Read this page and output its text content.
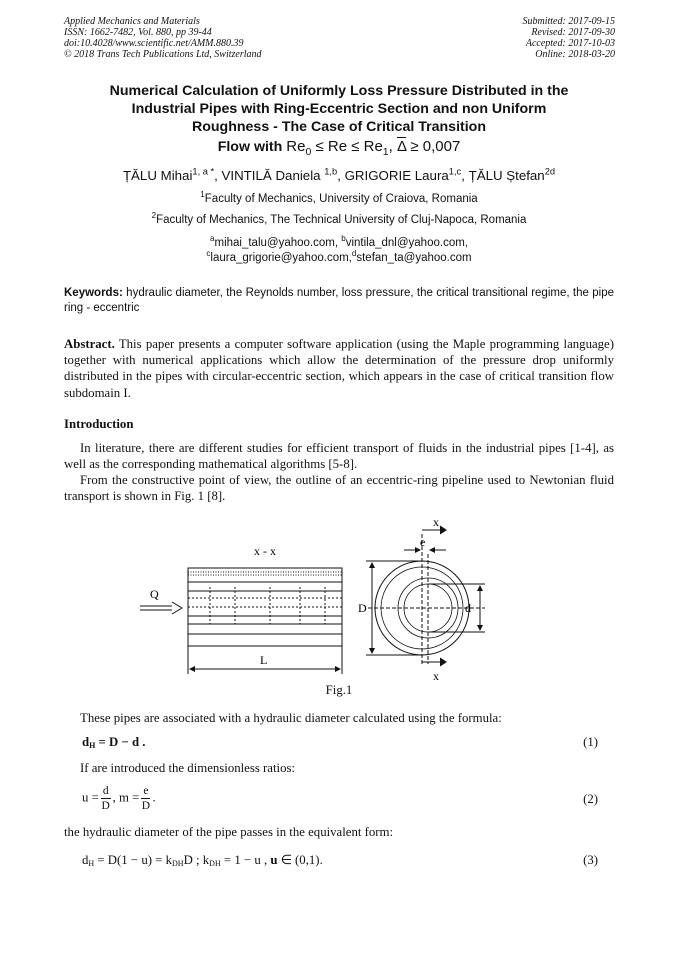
Applied Mechanics and Materials
ISSN: 1662-7482, Vol. 880, pp 39-44
doi:10.4028/www.scientific.net/AMM.880.39
© 2018 Trans Tech Publications Ltd, Switzerland
Submitted: 2017-09-15
Revised: 2017-09-30
Accepted: 2017-10-03
Online: 2018-03-20
Numerical Calculation of Uniformly Loss Pressure Distributed in the
Industrial Pipes with Ring-Eccentric Section and non Uniform
Roughness - The Case of Critical Transition
Flow with $Re_0 \le Re \le Re_1$, $\overline{\Delta} \ge 0,007$
ȚĂLU Mihai$^{1, a *}$, VINTILĂ Daniela $^{1,b}$, GRIGORIE Laura$^{1,c}$, ȚĂLU Ștefan$^{2d}$
$^1$Faculty of Mechanics, University of Craiova, Romania
$^2$Faculty of Mechanics, The Technical University of Cluj-Napoca, Romania
$^a$mihai_talu@yahoo.com, $^b$vintila_dnl@yahoo.com,
$^c$laura_grigorie@yahoo.com,$^d$stefan_ta@yahoo.com
Keywords: hydraulic diameter, the Reynolds number, loss pressure, the critical transitional regime, the pipe ring - eccentric
Abstract. This paper presents a computer software application (using the Maple programming language) together with numerical applications which allow the determination of the pressure drop uniformly distributed in the pipes with circular-eccentric section, which appears in the case of critical transition flow subdomain I.
Introduction
In literature, there are different studies for efficient transport of fluids in the industrial pipes [1-4], as well as the corresponding mathematical algorithms [5-8].
From the constructive point of view, the outline of an eccentric-ring pipeline used to Newtonian fluid transport is shown in Fig. 1 [8].
Q
x - x
L
D	d
e
x
x
Fig.1
These pipes are associated with a hydraulic diameter calculated using the formula:
dH = D − d .	(1)
If are introduced the dimensionless ratios:
$u = \frac{d}{D}$ , $m = \frac{e}{D}$ .	(2)
the hydraulic diameter of the pipe passes in the equivalent form:
dH = D(1 − u) = kDHD ; kDH = 1 − u , u ∈ (0,1).	(3)
